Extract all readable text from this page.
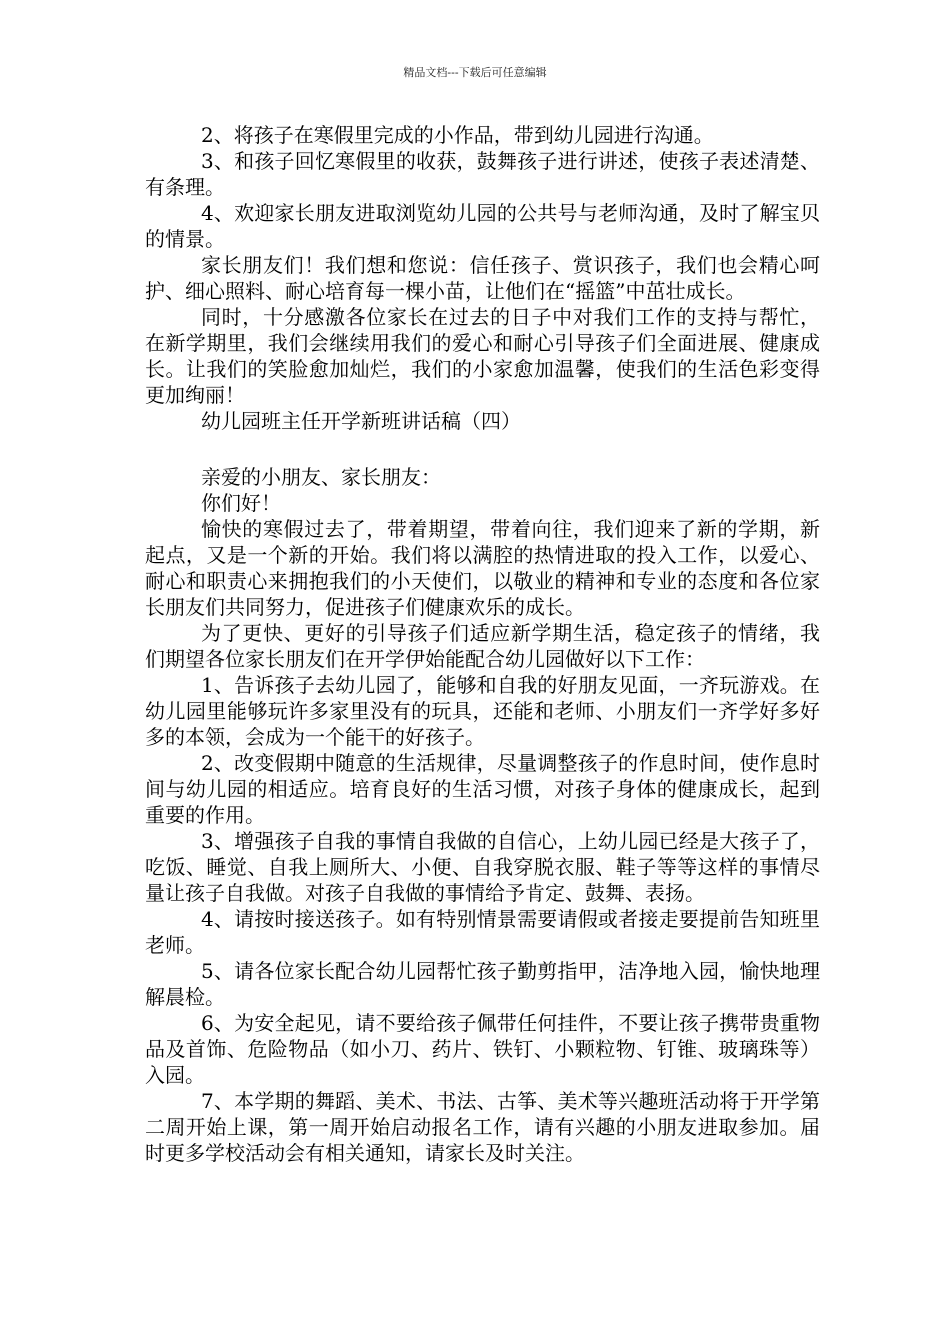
精品文档---下载后可任意编辑

2、将孩子在寒假里完成的小作品，带到幼儿园进行沟通。

3、和孩子回忆寒假里的收获，鼓舞孩子进行讲述，使孩子表述清楚、有条理。

4、欢迎家长朋友进取浏览幼儿园的公共号与老师沟通，及时了解宝贝的情景。

家长朋友们！我们想和您说：信任孩子、赏识孩子，我们也会精心呵护、细心照料、耐心培育每一棵小苗，让他们在“摇篮”中茁壮成长。

同时，十分感激各位家长在过去的日子中对我们工作的支持与帮忙，在新学期里，我们会继续用我们的爱心和耐心引导孩子们全面进展、健康成长。让我们的笑脸愈加灿烂，我们的小家愈加温馨，使我们的生活色彩变得更加绚丽！

幼儿园班主任开学新班讲话稿（四）

亲爱的小朋友、家长朋友：

你们好！

愉快的寒假过去了，带着期望，带着向往，我们迎来了新的学期，新起点，又是一个新的开始。我们将以满腔的热情进取的投入工作，以爱心、耐心和职责心来拥抱我们的小天使们，以敬业的精神和专业的态度和各位家长朋友们共同努力，促进孩子们健康欢乐的成长。

为了更快、更好的引导孩子们适应新学期生活，稳定孩子的情绪，我们期望各位家长朋友们在开学伊始能配合幼儿园做好以下工作：

1、告诉孩子去幼儿园了，能够和自我的好朋友见面，一齐玩游戏。在幼儿园里能够玩许多家里没有的玩具，还能和老师、小朋友们一齐学好多好多的本领，会成为一个能干的好孩子。

2、改变假期中随意的生活规律，尽量调整孩子的作息时间，使作息时间与幼儿园的相适应。培育良好的生活习惯，对孩子身体的健康成长，起到重要的作用。

3、增强孩子自我的事情自我做的自信心，上幼儿园已经是大孩子了，吃饭、睡觉、自我上厕所大、小便、自我穿脱衣服、鞋子等等这样的事情尽量让孩子自我做。对孩子自我做的事情给予肯定、鼓舞、表扬。

4、请按时接送孩子。如有特别情景需要请假或者接走要提前告知班里老师。

5、请各位家长配合幼儿园帮忙孩子勤剪指甲，洁净地入园，愉快地理解晨检。

6、为安全起见，请不要给孩子佩带任何挂件，不要让孩子携带贵重物品及首饰、危险物品（如小刀、药片、铁钉、小颗粒物、钉锥、玻璃珠等）入园。

7、本学期的舞蹈、美术、书法、古筝、美术等兴趣班活动将于开学第二周开始上课，第一周开始启动报名工作，请有兴趣的小朋友进取参加。届时更多学校活动会有相关通知，请家长及时关注。
